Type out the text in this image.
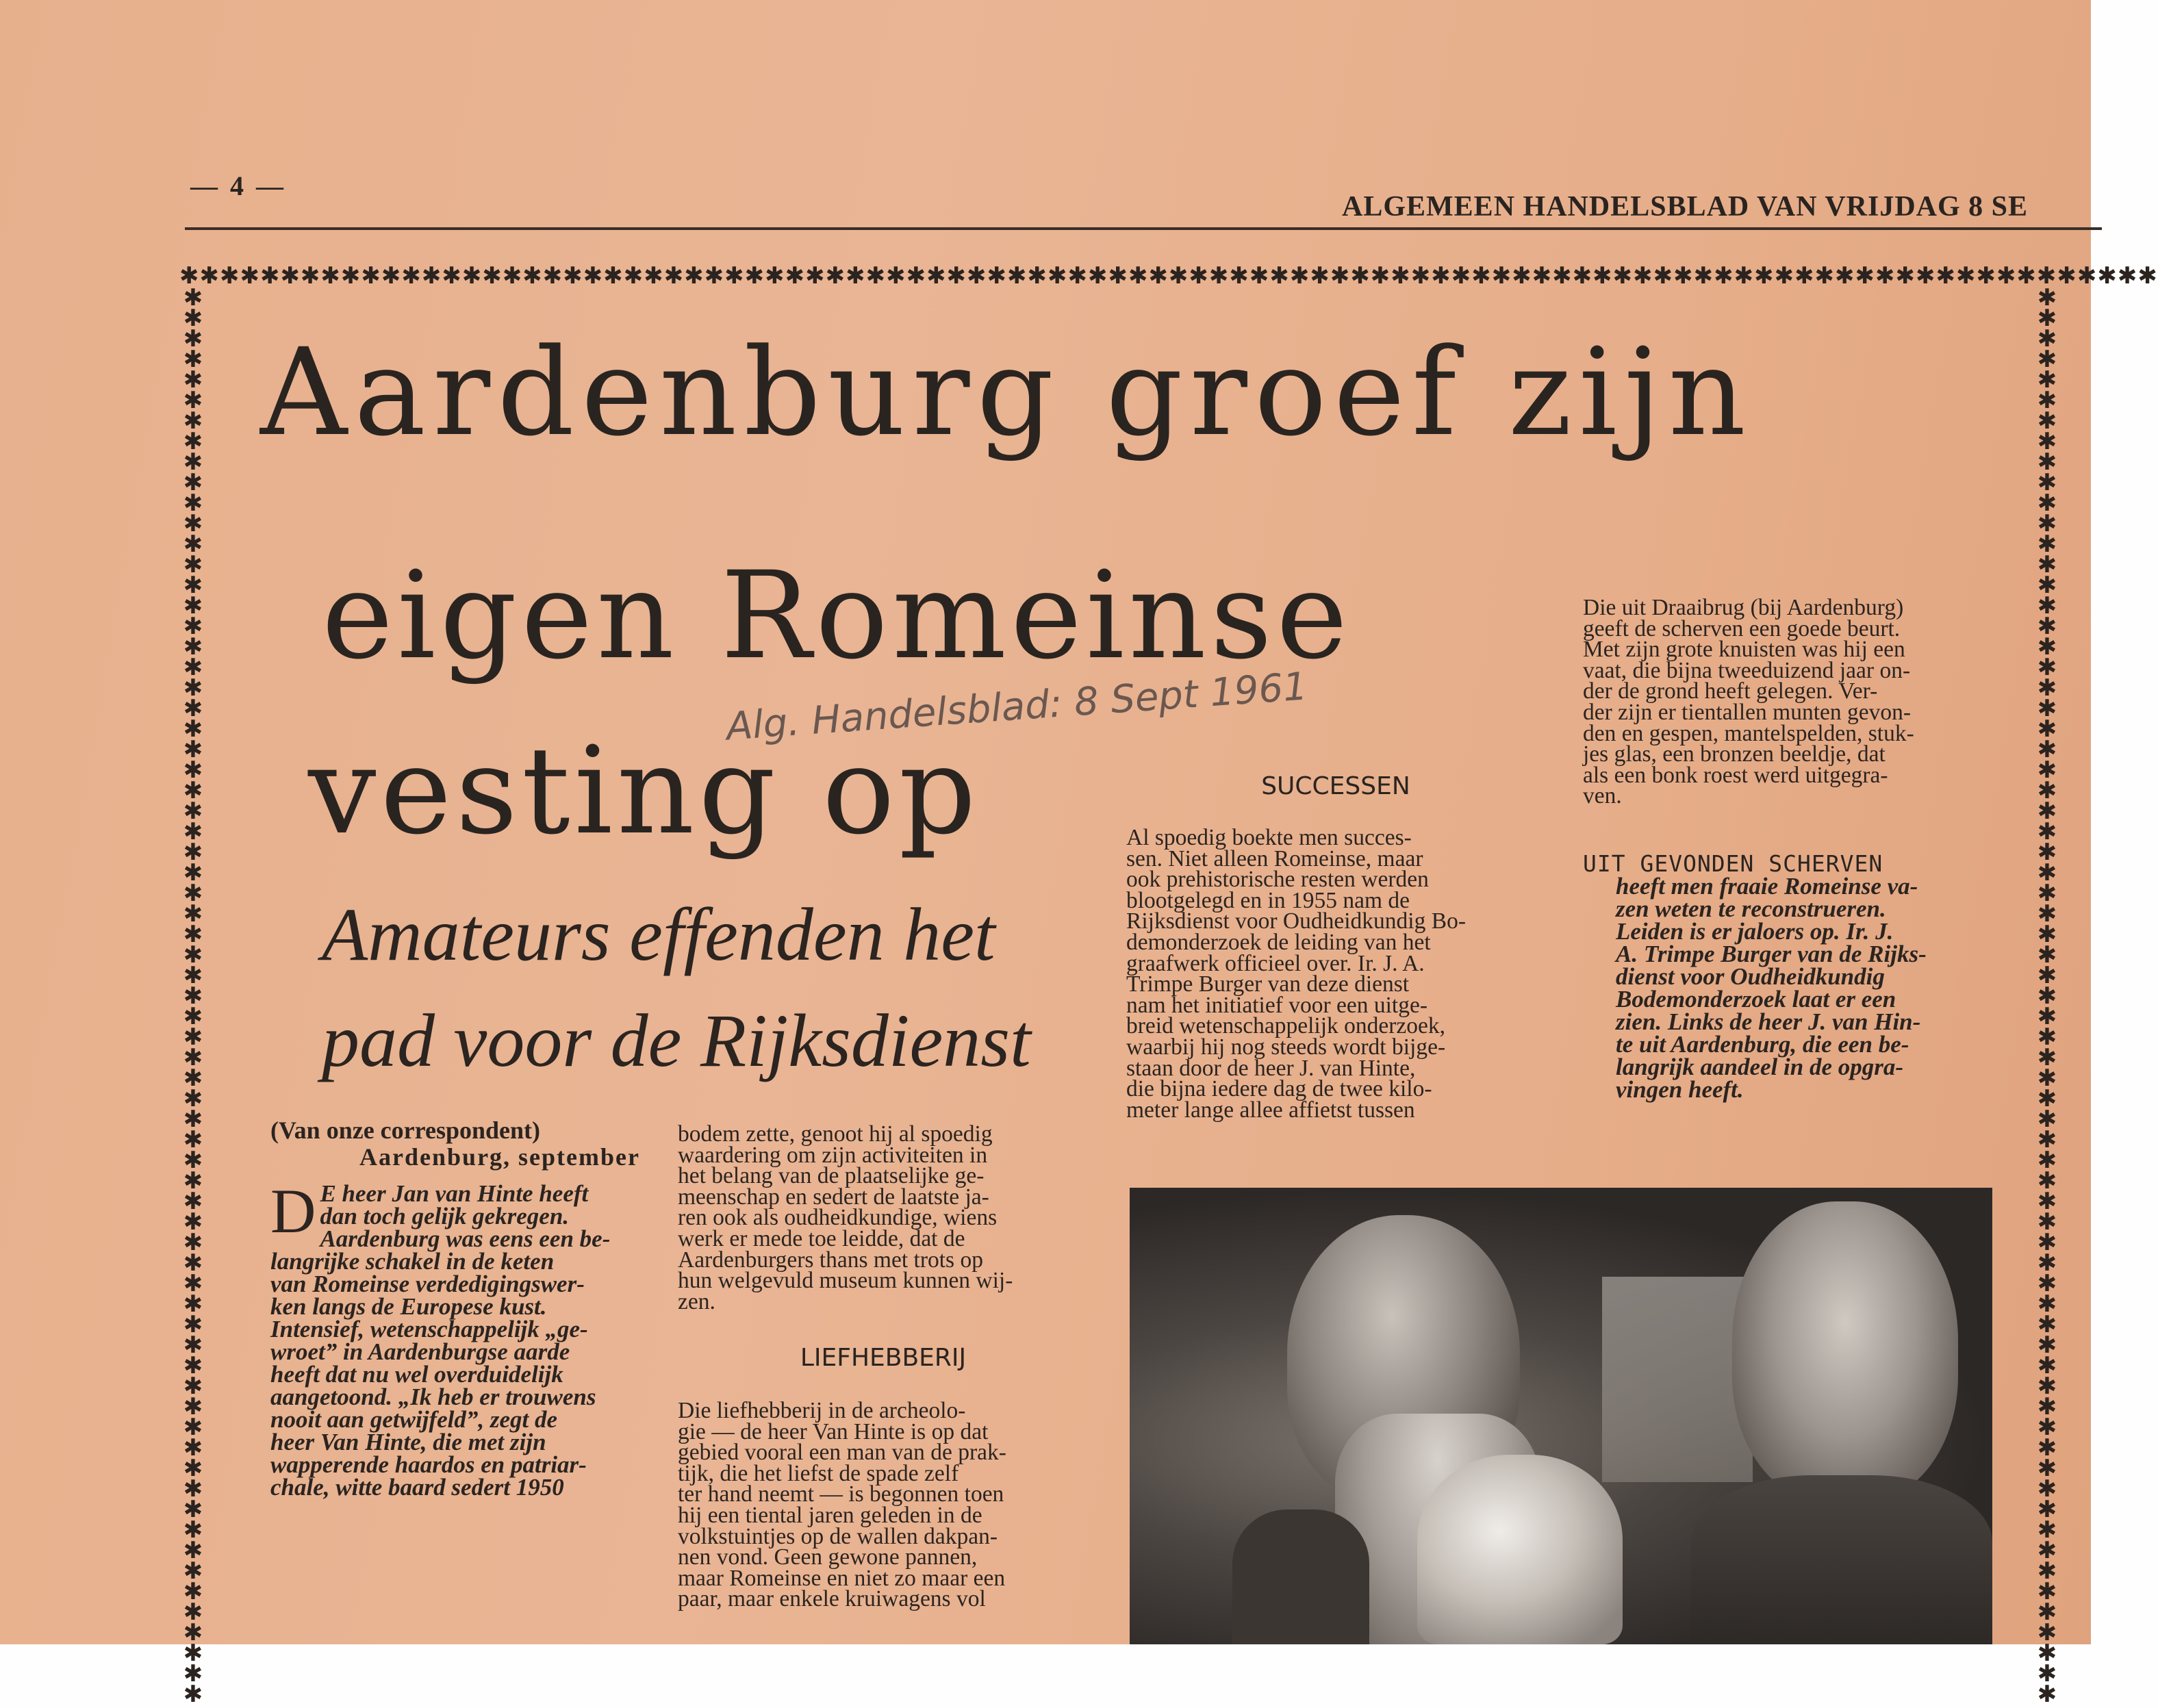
— 4 —
ALGEMEEN HANDELSBLAD VAN VRIJDAG 8 SE
✱✱✱✱✱✱✱✱✱✱✱✱✱✱✱✱✱✱✱✱✱✱✱✱✱✱✱✱✱✱✱✱✱✱✱✱✱✱✱✱✱✱✱✱✱✱✱✱✱✱✱✱✱✱✱✱✱✱✱✱✱✱✱✱✱✱✱✱✱✱✱✱✱✱✱✱✱✱✱✱✱✱✱✱✱✱✱✱✱✱✱✱✱✱✱✱✱✱
✱✱✱✱✱✱✱✱✱✱✱✱✱✱✱✱✱✱✱✱✱✱✱✱✱✱✱✱✱✱✱✱✱✱✱✱✱✱✱✱✱✱✱✱✱✱✱✱✱✱✱✱✱✱✱✱✱✱✱✱✱✱✱✱✱✱✱✱✱
✱✱✱✱✱✱✱✱✱✱✱✱✱✱✱✱✱✱✱✱✱✱✱✱✱✱✱✱✱✱✱✱✱✱✱✱✱✱✱✱✱✱✱✱✱✱✱✱✱✱✱✱✱✱✱✱✱✱✱✱✱✱✱✱✱✱✱✱✱
Aardenburg groef zijn
eigen Romeinse
vesting op
Alg. Handelsblad: 8 Sept 1961
Amateurs effenden het
pad voor de Rijksdienst
(Van onze correspondent)
Aardenburg, september
D E heer Jan van Hinte heeft
dan toch gelijk gekregen.
Aardenburg was eens een be-
langrijke schakel in de keten
van Romeinse verdedigingswer-
ken langs de Europese kust.
Intensief, wetenschappelijk „ge-
wroet” in Aardenburgse aarde
heeft dat nu wel overduidelijk
aangetoond. „Ik heb er trouwens
nooit aan getwijfeld”, zegt de
heer Van Hinte, die met zijn
wapperende haardos en patriar-
chale, witte baard sedert 1950
bodem zette, genoot hij al spoedig
waardering om zijn activiteiten in
het belang van de plaatselijke ge-
meenschap en sedert de laatste ja-
ren ook als oudheidkundige, wiens
werk er mede toe leidde, dat de
Aardenburgers thans met trots op
hun welgevuld museum kunnen wij-
zen.
LIEFHEBBERIJ
Die liefhebberij in de archeolo-
gie — de heer Van Hinte is op dat
gebied vooral een man van de prak-
tijk, die het liefst de spade zelf
ter hand neemt — is begonnen toen
hij een tiental jaren geleden in de
volkstuintjes op de wallen dakpan-
nen vond. Geen gewone pannen,
maar Romeinse en niet zo maar een
paar, maar enkele kruiwagens vol
SUCCESSEN
Al spoedig boekte men succes-
sen. Niet alleen Romeinse, maar
ook prehistorische resten werden
blootgelegd en in 1955 nam de
Rijksdienst voor Oudheidkundig Bo-
demonderzoek de leiding van het
graafwerk officieel over. Ir. J. A.
Trimpe Burger van deze dienst
nam het initiatief voor een uitge-
breid wetenschappelijk onderzoek,
waarbij hij nog steeds wordt bijge-
staan door de heer J. van Hinte,
die bijna iedere dag de twee kilo-
meter lange allee affietst tussen
Die uit Draaibrug (bij Aardenburg)
geeft de scherven een goede beurt.
Met zijn grote knuisten was hij een
vaat, die bijna tweeduizend jaar on-
der de grond heeft gelegen. Ver-
der zijn er tientallen munten gevon-
den en gespen, mantelspelden, stuk-
jes glas, een bronzen beeldje, dat
als een bonk roest werd uitgegra-
ven.
UIT GEVONDEN SCHERVEN
heeft men fraaie Romeinse va-
zen weten te reconstrueren.
Leiden is er jaloers op. Ir. J.
A. Trimpe Burger van de Rijks-
dienst voor Oudheidkundig
Bodemonderzoek laat er een
zien. Links de heer J. van Hin-
te uit Aardenburg, die een be-
langrijk aandeel in de opgra-
vingen heeft.
